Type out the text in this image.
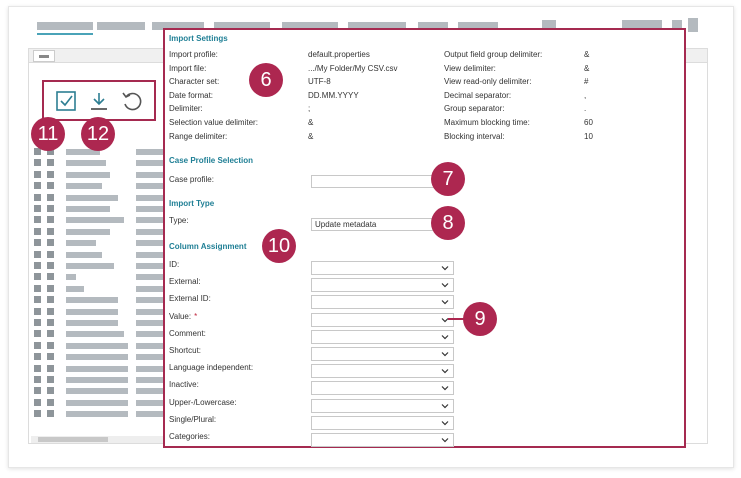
Import Settings
Import profile:	default.properties
Import file:	.../My Folder/My CSV.csv
Character set:	UTF-8
Date format:	DD.MM.YYYY
Delimiter:	;
Selection value delimiter:	&
Range delimiter:	&
Output field group delimiter:	&
View delimiter:	&
View read-only delimiter:	#
Decimal separator:	,
Group separator:	.
Maximum blocking time:	60
Blocking interval:	10
Case Profile Selection
Case profile:
Import Type
Type:	Update metadata
Column Assignment
ID:
External:
External ID:
Value: *
Comment:
Shortcut:
Language independent:
Inactive:
Upper-/Lowercase:
Single/Plural:
Categories:
6
7
8
9
10
11	12
